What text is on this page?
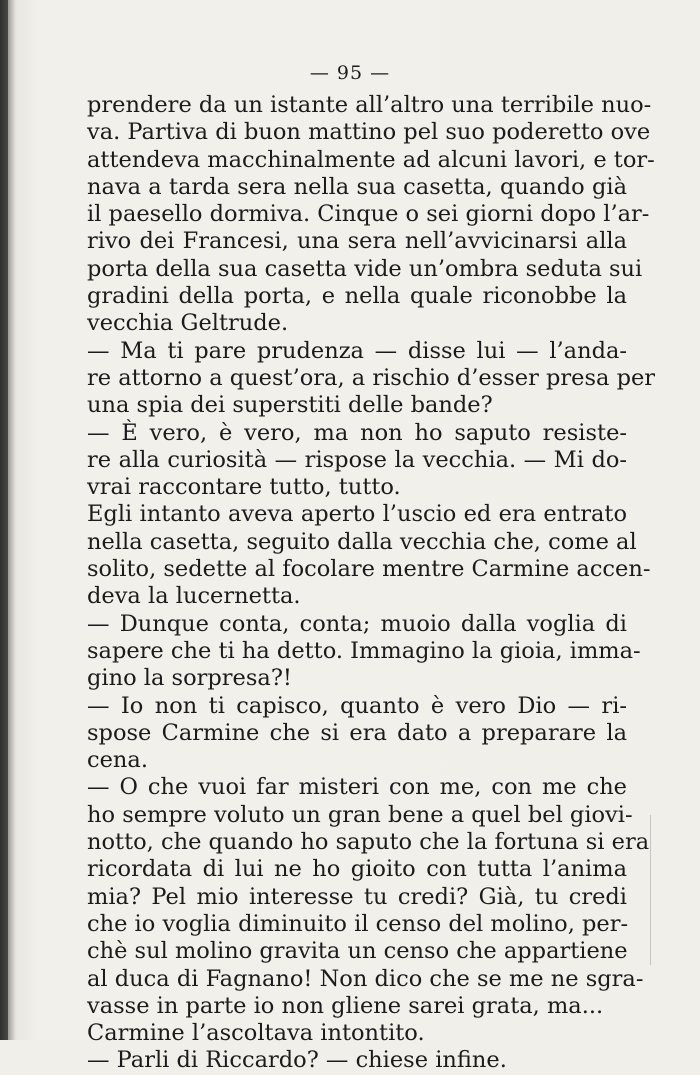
— 95 —
prendere da un istante all’altro una terribile nuo-
va. Partiva di buon mattino pel suo poderetto ove
attendeva macchinalmente ad alcuni lavori, e tor-
nava a tarda sera nella sua casetta, quando già
il paesello dormiva. Cinque o sei giorni dopo l’ar-
rivo dei Francesi, una sera nell’avvicinarsi alla
porta della sua casetta vide un’ombra seduta sui
gradini della porta, e nella quale riconobbe la
vecchia Geltrude.
— Ma ti pare prudenza — disse lui — l’anda-
re attorno a quest’ora, a rischio d’esser presa per
una spia dei superstiti delle bande?
— È vero, è vero, ma non ho saputo resiste-
re alla curiosità — rispose la vecchia. — Mi do-
vrai raccontare tutto, tutto.
Egli intanto aveva aperto l’uscio ed era entrato
nella casetta, seguito dalla vecchia che, come al
solito, sedette al focolare mentre Carmine accen-
deva la lucernetta.
— Dunque conta, conta; muoio dalla voglia di
sapere che ti ha detto. Immagino la gioia, imma-
gino la sorpresa?!
— Io non ti capisco, quanto è vero Dio — ri-
spose Carmine che si era dato a preparare la
cena.
— O che vuoi far misteri con me, con me che
ho sempre voluto un gran bene a quel bel giovi-
notto, che quando ho saputo che la fortuna si era
ricordata di lui ne ho gioito con tutta l’anima
mia? Pel mio interesse tu credi? Già, tu credi
che io voglia diminuito il censo del molino, per-
chè sul molino gravita un censo che appartiene
al duca di Fagnano! Non dico che se me ne sgra-
vasse in parte io non gliene sarei grata, ma...
Carmine l’ascoltava intontito.
— Parli di Riccardo? — chiese infine.
